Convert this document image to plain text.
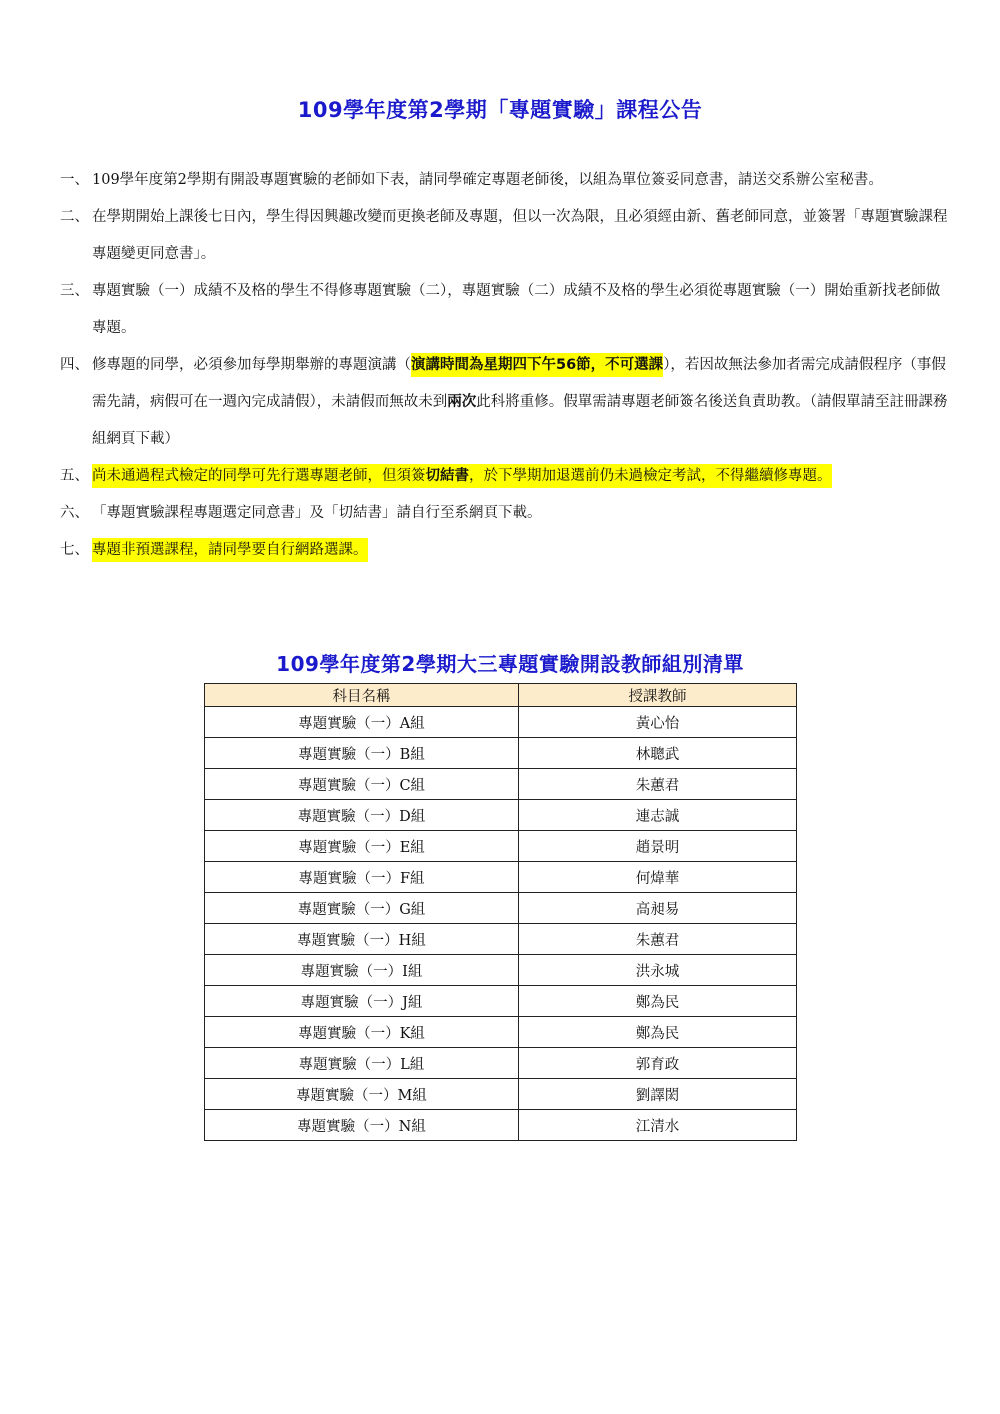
109學年度第2學期「專題實驗」課程公告

一、 109學年度第2學期有開設專題實驗的老師如下表，請同學確定專題老師後，以組為單位簽妥同意書，請送交系辦公室秘書。

二、 在學期開始上課後七日內，學生得因興趣改變而更換老師及專題，但以一次為限，且必須經由新、舊老師同意，並簽署「專題實驗課程專題變更同意書」。

三、 專題實驗（一）成績不及格的學生不得修專題實驗（二），專題實驗（二）成績不及格的學生必須從專題實驗（一）開始重新找老師做專題。

四、 修專題的同學，必須參加每學期舉辦的專題演講（演講時間為星期四下午56節，不可選課），若因故無法參加者需完成請假程序（事假需先請，病假可在一週內完成請假），未請假而無故未到兩次此科將重修。假單需請專題老師簽名後送負責助教。（請假單請至註冊課務組網頁下載）

五、 尚未通過程式檢定的同學可先行選專題老師，但須簽切結書，於下學期加退選前仍未過檢定考試，不得繼續修專題。

六、 「專題實驗課程專題選定同意書」及「切結書」請自行至系網頁下載。

七、 專題非預選課程，請同學要自行網路選課。

109學年度第2學期大三專題實驗開設教師組別清單
科目名稱	授課教師
專題實驗（一）A組	黃心怡
專題實驗（一）B組	林聰武
專題實驗（一）C組	朱蕙君
專題實驗（一）D組	連志誠
專題實驗（一）E組	趙景明
專題實驗（一）F組	何煒華
專題實驗（一）G組	高昶易
專題實驗（一）H組	朱蕙君
專題實驗（一）I組	洪永城
專題實驗（一）J組	鄭為民
專題實驗（一）K組	鄭為民
專題實驗（一）L組	郭育政
專題實驗（一）M組	劉譯閎
專題實驗（一）N組	江清水
